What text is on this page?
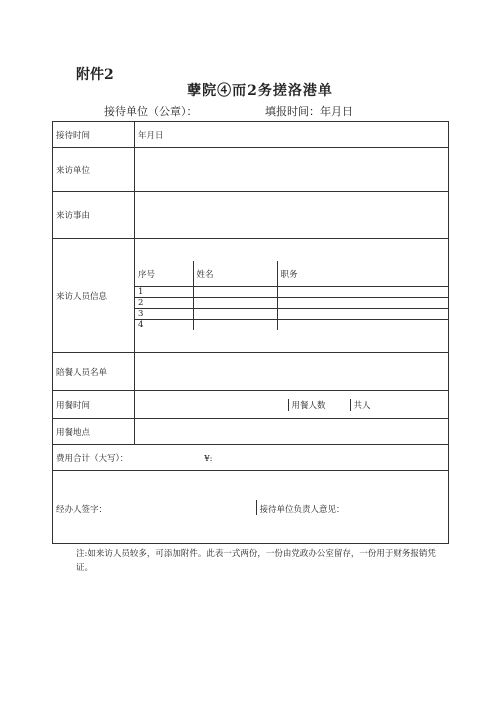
附件2
孽院④而2务搓洛港单
接待单位（公章）：	填报时间：年月日
接待时间	年月日
来访单位	
来访事由	
来访人员信息	
序号	姓名	职务
1		
2		
3		
4		

陪餐人员名单	
用餐时间	
		用餐人数	共人

用餐地点	
费用合计（大写）：	¥:

经办人签字：	接待单位负责人意见：
注:如来访人员较多，可添加附件。此表一式两份，一份由党政办公室留存，一份用于财务报销凭证。
